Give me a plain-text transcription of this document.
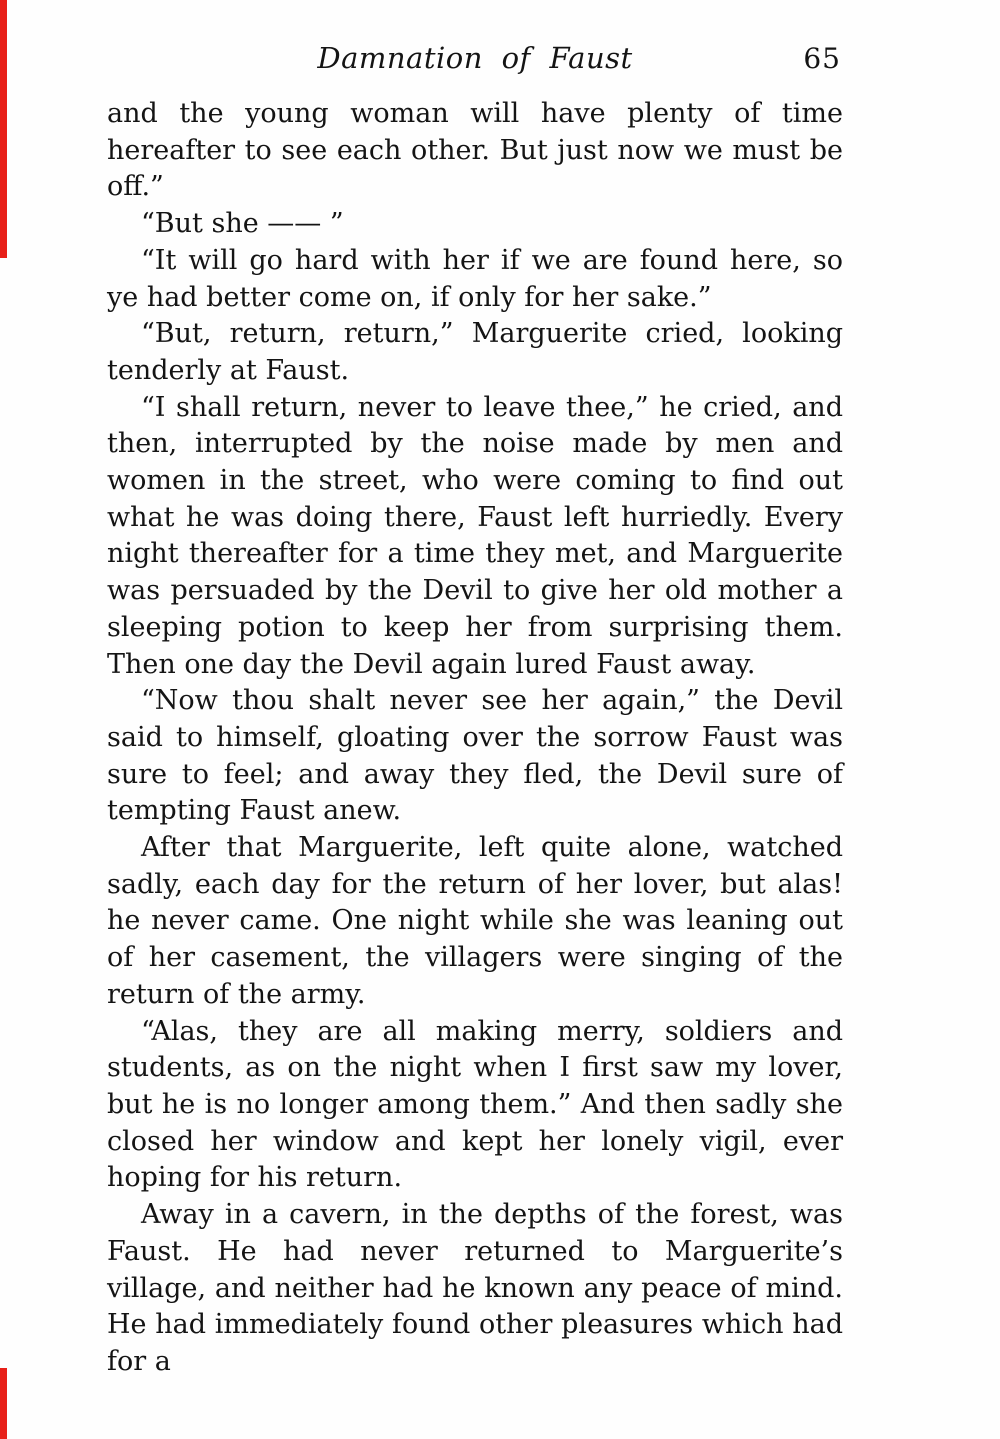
Damnation of Faust	65

and the young woman will have plenty of time hereafter to see each other. But just now we must be off.”

“But she —— ”

“It will go hard with her if we are found here, so ye had better come on, if only for her sake.”

“But, return, return,” Marguerite cried, looking tenderly at Faust.

“I shall return, never to leave thee,” he cried, and then, interrupted by the noise made by men and women in the street, who were coming to find out what he was doing there, Faust left hurriedly. Every night thereafter for a time they met, and Marguerite was persuaded by the Devil to give her old mother a sleeping potion to keep her from surprising them. Then one day the Devil again lured Faust away.

“Now thou shalt never see her again,” the Devil said to himself, gloating over the sorrow Faust was sure to feel; and away they fled, the Devil sure of tempting Faust anew.

After that Marguerite, left quite alone, watched sadly, each day for the return of her lover, but alas! he never came. One night while she was leaning out of her casement, the villagers were singing of the return of the army.

“Alas, they are all making merry, soldiers and students, as on the night when I first saw my lover, but he is no longer among them.” And then sadly she closed her window and kept her lonely vigil, ever hoping for his return.

Away in a cavern, in the depths of the forest, was Faust. He had never returned to Marguerite’s village, and neither had he known any peace of mind. He had immediately found other pleasures which had for a
